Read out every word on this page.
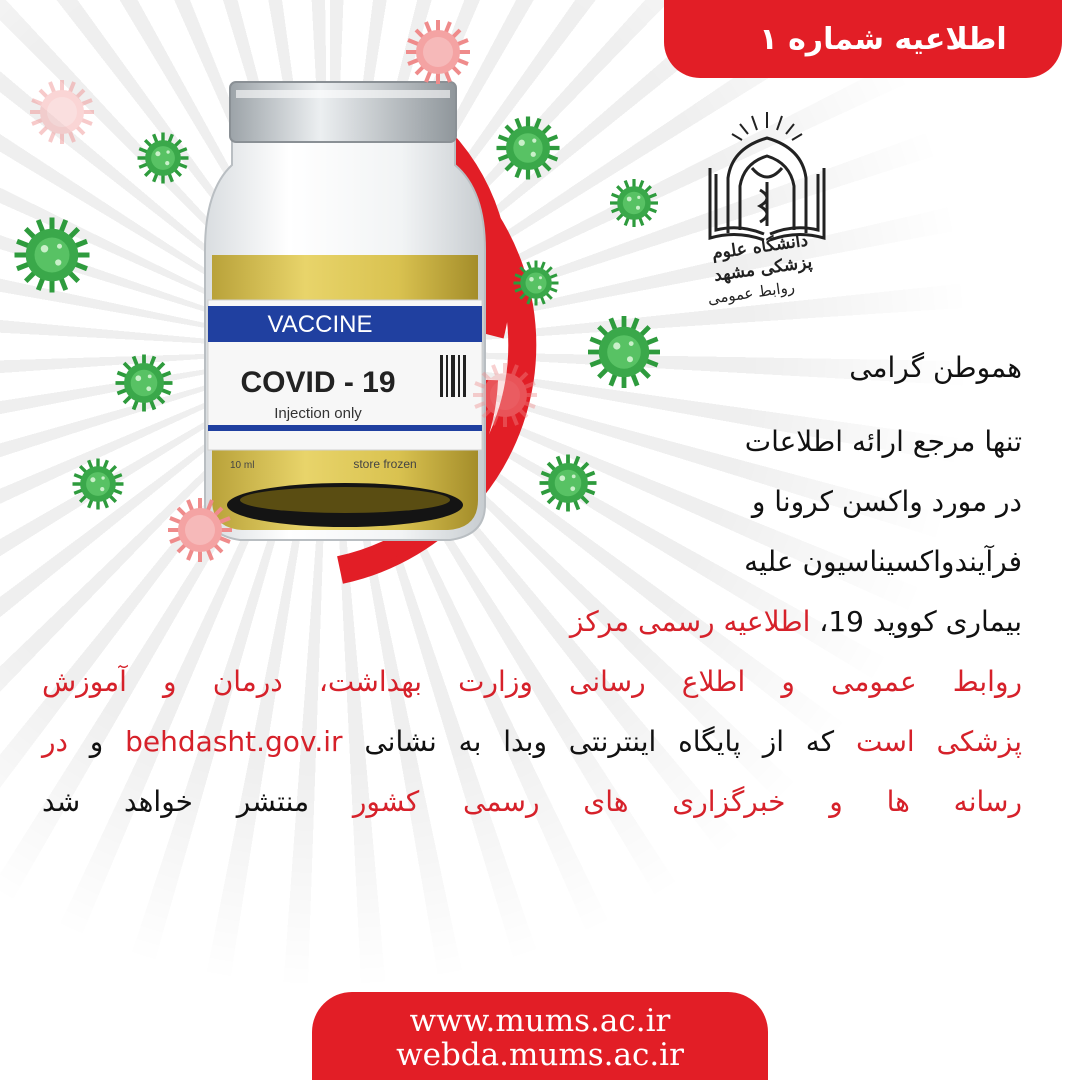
اطلاعیه شماره ۱
VACCINE
COVID - 19
Injection only
10 ml	store frozen
دانشگاه علوم پزشکی مشهد
روابط عمومی
هموطن گرامی
تنها مرجع ارائه اطلاعات
در مورد واکسن کرونا و
فرآیندواکسیناسیون علیه
بیماری کووید 19، اطلاعیه رسمی مرکز
روابط عمومی و اطلاع رسانی وزارت بهداشت، درمان و آموزش
پزشکی است که از پایگاه اینترنتی وبدا به نشانی behdasht.gov.ir و در
رسانه ها و خبرگزاری های رسمی کشور منتشر خواهد شد
www.mums.ac.ir
webda.mums.ac.ir
